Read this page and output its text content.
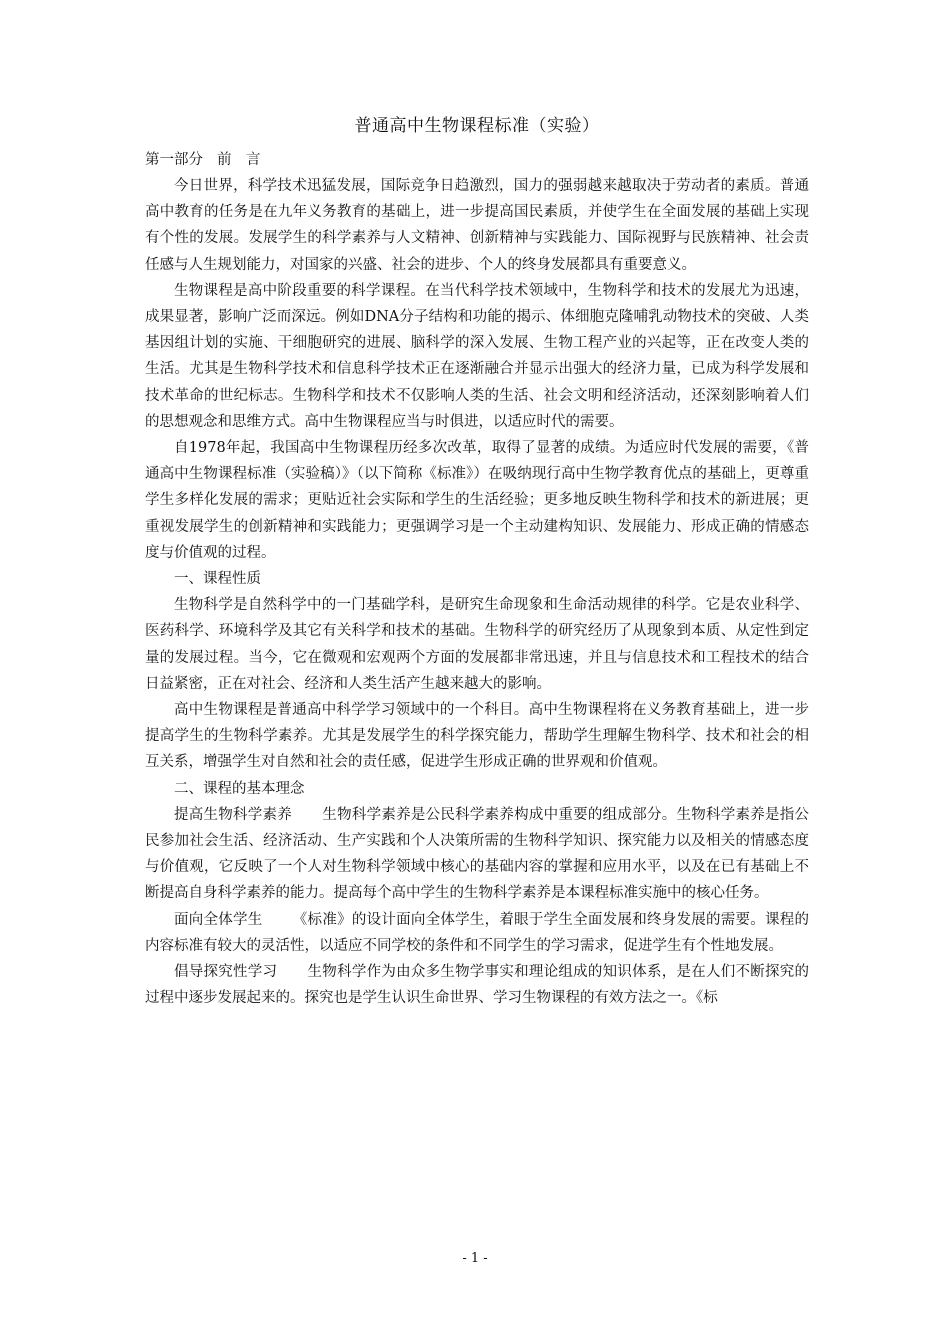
普通高中生物课程标准（实验）
第一部分 前　言

今日世界，科学技术迅猛发展，国际竞争日趋激烈，国力的强弱越来越取决于劳动者的素质。普通高中教育的任务是在九年义务教育的基础上，进一步提高国民素质，并使学生在全面发展的基础上实现有个性的发展。发展学生的科学素养与人文精神、创新精神与实践能力、国际视野与民族精神、社会责任感与人生规划能力，对国家的兴盛、社会的进步、个人的终身发展都具有重要意义。

生物课程是高中阶段重要的科学课程。在当代科学技术领域中，生物科学和技术的发展尤为迅速，成果显著，影响广泛而深远。例如DNA分子结构和功能的揭示、体细胞克隆哺乳动物技术的突破、人类基因组计划的实施、干细胞研究的进展、脑科学的深入发展、生物工程产业的兴起等，正在改变人类的生活。尤其是生物科学技术和信息科学技术正在逐渐融合并显示出强大的经济力量，已成为科学发展和技术革命的世纪标志。生物科学和技术不仅影响人类的生活、社会文明和经济活动，还深刻影响着人们的思想观念和思维方式。高中生物课程应当与时俱进，以适应时代的需要。

自1978年起，我国高中生物课程历经多次改革，取得了显著的成绩。为适应时代发展的需要，《普通高中生物课程标准（实验稿）》（以下简称《标准》）在吸纳现行高中生物学教育优点的基础上，更尊重学生多样化发展的需求；更贴近社会实际和学生的生活经验；更多地反映生物科学和技术的新进展；更重视发展学生的创新精神和实践能力；更强调学习是一个主动建构知识、发展能力、形成正确的情感态度与价值观的过程。

一、课程性质

生物科学是自然科学中的一门基础学科，是研究生命现象和生命活动规律的科学。它是农业科学、医药科学、环境科学及其它有关科学和技术的基础。生物科学的研究经历了从现象到本质、从定性到定量的发展过程。当今，它在微观和宏观两个方面的发展都非常迅速，并且与信息技术和工程技术的结合日益紧密，正在对社会、经济和人类生活产生越来越大的影响。

高中生物课程是普通高中科学学习领域中的一个科目。高中生物课程将在义务教育基础上，进一步提高学生的生物科学素养。尤其是发展学生的科学探究能力，帮助学生理解生物科学、技术和社会的相互关系，增强学生对自然和社会的责任感，促进学生形成正确的世界观和价值观。

二、课程的基本理念

提高生物科学素养 生物科学素养是公民科学素养构成中重要的组成部分。生物科学素养是指公民参加社会生活、经济活动、生产实践和个人决策所需的生物科学知识、探究能力以及相关的情感态度与价值观，它反映了一个人对生物科学领域中核心的基础内容的掌握和应用水平，以及在已有基础上不断提高自身科学素养的能力。提高每个高中学生的生物科学素养是本课程标准实施中的核心任务。

面向全体学生 《标准》的设计面向全体学生，着眼于学生全面发展和终身发展的需要。课程的内容标准有较大的灵活性，以适应不同学校的条件和不同学生的学习需求，促进学生有个性地发展。

倡导探究性学习 生物科学作为由众多生物学事实和理论组成的知识体系，是在人们不断探究的过程中逐步发展起来的。探究也是学生认识生命世界、学习生物课程的有效方法之一。《标

- 1 -
